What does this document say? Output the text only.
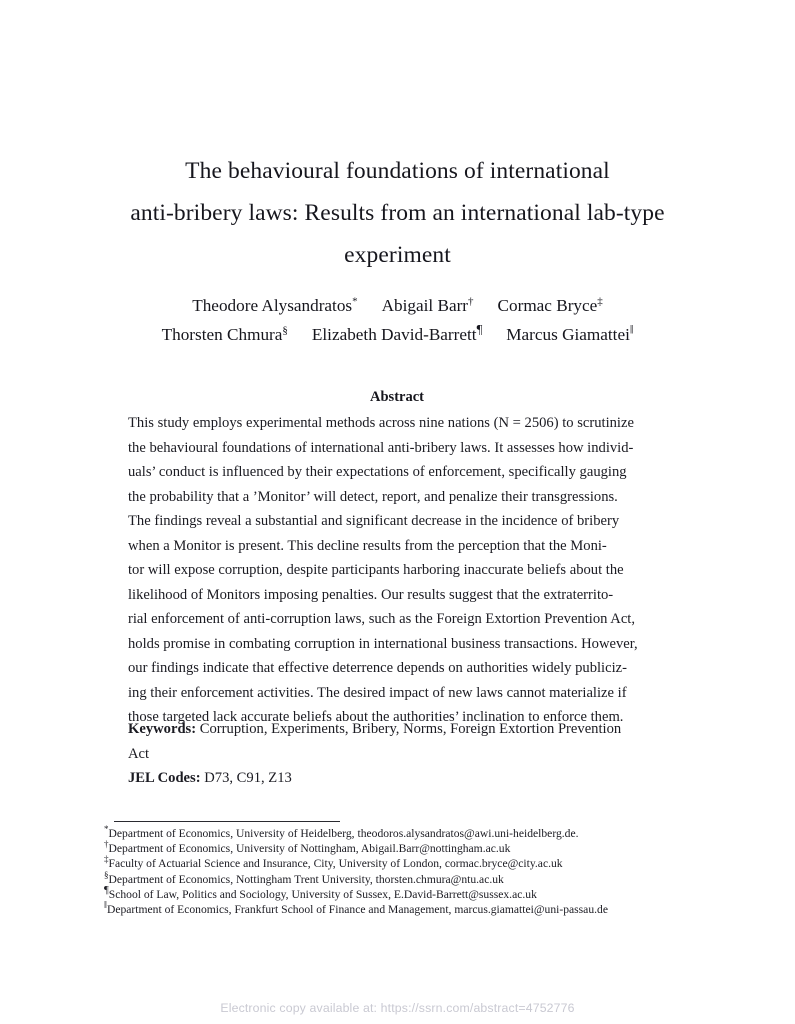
The behavioural foundations of international
anti-bribery laws: Results from an international lab-type
experiment
Theodore Alysandratos* Abigail Barr† Cormac Bryce‡
Thorsten Chmura§ Elizabeth David-Barrett¶ Marcus Giamattei‖
Abstract
This study employs experimental methods across nine nations (N = 2506) to scrutinize
the behavioural foundations of international anti-bribery laws. It assesses how individ-
uals’ conduct is influenced by their expectations of enforcement, specifically gauging
the probability that a ’Monitor’ will detect, report, and penalize their transgressions.
The findings reveal a substantial and significant decrease in the incidence of bribery
when a Monitor is present. This decline results from the perception that the Moni-
tor will expose corruption, despite participants harboring inaccurate beliefs about the
likelihood of Monitors imposing penalties. Our results suggest that the extraterrito-
rial enforcement of anti-corruption laws, such as the Foreign Extortion Prevention Act,
holds promise in combating corruption in international business transactions. However,
our findings indicate that effective deterrence depends on authorities widely publiciz-
ing their enforcement activities. The desired impact of new laws cannot materialize if
those targeted lack accurate beliefs about the authorities’ inclination to enforce them.
Keywords: Corruption, Experiments, Bribery, Norms, Foreign Extortion Prevention
Act
JEL Codes: D73, C91, Z13
*Department of Economics, University of Heidelberg, theodoros.alysandratos@awi.uni-heidelberg.de.
†Department of Economics, University of Nottingham, Abigail.Barr@nottingham.ac.uk
‡Faculty of Actuarial Science and Insurance, City, University of London, cormac.bryce@city.ac.uk
§Department of Economics, Nottingham Trent University, thorsten.chmura@ntu.ac.uk
¶School of Law, Politics and Sociology, University of Sussex, E.David-Barrett@sussex.ac.uk
‖Department of Economics, Frankfurt School of Finance and Management, marcus.giamattei@uni-passau.de
Electronic copy available at: https://ssrn.com/abstract=4752776
